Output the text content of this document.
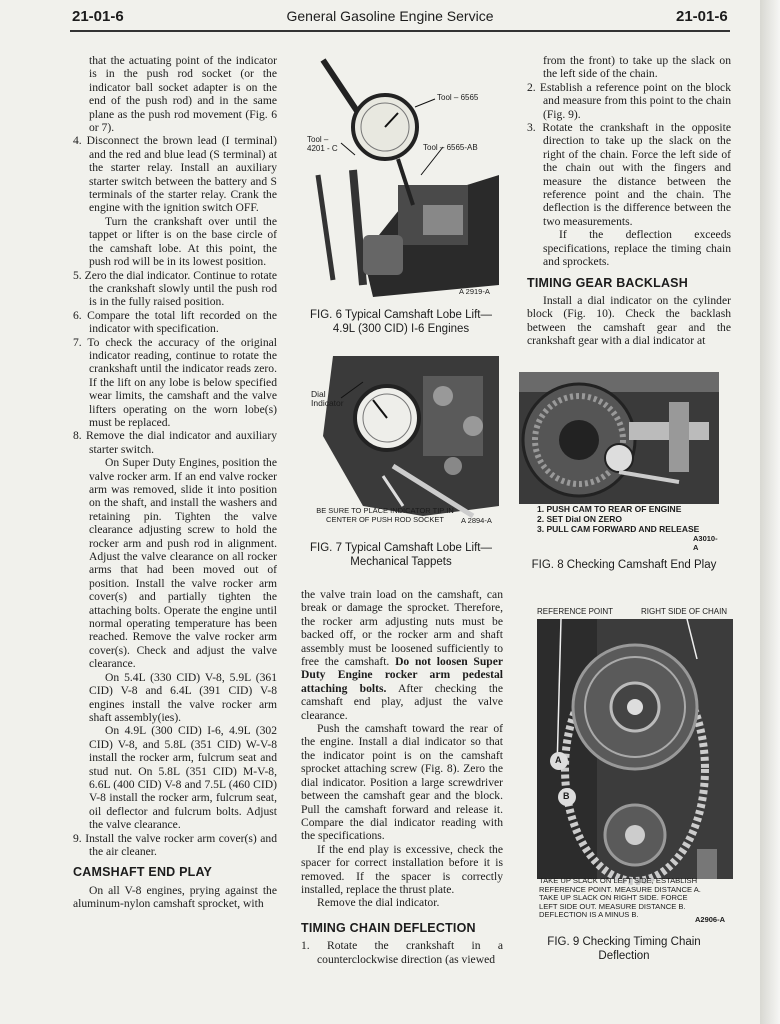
General Gasoline Engine Service
21-01-6	21-01-6

that the actuating point of the indicator is in the push rod socket (or the indicator ball socket adapter is on the end of the push rod) and in the same plane as the push rod movement (Fig. 6 or 7).

4. Disconnect the brown lead (I terminal) and the red and blue lead (S terminal) at the starter relay. Install an auxiliary starter switch between the battery and S terminals of the starter relay. Crank the engine with the ignition switch OFF.

Turn the crankshaft over until the tappet or lifter is on the base circle of the camshaft lobe. At this point, the push rod will be in its lowest position.

5. Zero the dial indicator. Continue to rotate the crankshaft slowly until the push rod is in the fully raised position.

6. Compare the total lift recorded on the indicator with specification.

7. To check the accuracy of the original indicator reading, continue to rotate the crankshaft until the indicator reads zero. If the lift on any lobe is below specified wear limits, the camshaft and the valve lifters operating on the worn lobe(s) must be replaced.

8. Remove the dial indicator and auxiliary starter switch.

On Super Duty Engines, position the valve rocker arm. If an end valve rocker arm was removed, slide it into position on the shaft, and install the washers and retaining pin. Tighten the valve clearance adjusting screw to hold the rocker arm and push rod in alignment. Adjust the valve clearance on all rocker arms that had been moved out of position. Install the valve rocker arm cover(s) and partially tighten the attaching bolts. Operate the engine until normal operating temperature has been reached. Remove the valve rocker arm cover(s). Check and adjust the valve clearance.

On 5.4L (330 CID) V-8, 5.9L (361 CID) V-8 and 6.4L (391 CID) V-8 engines install the valve rocker arm shaft assembly(ies).

On 4.9L (300 CID) I-6, 4.9L (302 CID) V-8, and 5.8L (351 CID) W-V-8 install the rocker arm, fulcrum seat and stud nut. On 5.8L (351 CID) M-V-8, 6.6L (400 CID) V-8 and 7.5L (460 CID) V-8 install the rocker arm, fulcrum seat, oil deflector and fulcrum bolts. Adjust the valve clearance.

9. Install the valve rocker arm cover(s) and the air cleaner.

CAMSHAFT END PLAY

On all V-8 engines, prying against the aluminum-nylon camshaft sprocket, with

Tool – 6565
Tool –
4201 - C	Tool – 6565-AB
A 2919-A
FIG. 6 Typical Camshaft Lobe Lift—
4.9L (300 CID) I-6 Engines
Dial
Indicator
BE SURE TO PLACE INDICATOR TIP IN
CENTER OF PUSH ROD SOCKET	A 2894-A
FIG. 7 Typical Camshaft Lobe Lift—
Mechanical Tappets

the valve train load on the camshaft, can break or damage the sprocket. Therefore, the rocker arm adjusting nuts must be backed off, or the rocker arm and shaft assembly must be loosened sufficiently to free the camshaft. Do not loosen Super Duty Engine rocker arm pedestal attaching bolts. After checking the camshaft end play, adjust the valve clearance.

Push the camshaft toward the rear of the engine. Install a dial indicator so that the indicator point is on the camshaft sprocket attaching screw (Fig. 8). Zero the dial indicator. Position a large screwdriver between the camshaft gear and the block. Pull the camshaft forward and release it. Compare the dial indicator reading with the specifications.

If the end play is excessive, check the spacer for correct installation before it is removed. If the spacer is correctly installed, replace the thrust plate.

Remove the dial indicator.

TIMING CHAIN DEFLECTION

1. Rotate the crankshaft in a counterclockwise direction (as viewed

from the front) to take up the slack on the left side of the chain.

2. Establish a reference point on the block and measure from this point to the chain (Fig. 9).

3. Rotate the crankshaft in the opposite direction to take up the slack on the right of the chain. Force the left side of the chain out with the fingers and measure the distance between the reference point and the chain. The deflection is the difference between the two measurements.

If the deflection exceeds specifications, replace the timing chain and sprockets.

TIMING GEAR BACKLASH

Install a dial indicator on the cylinder block (Fig. 10). Check the backlash between the camshaft gear and the crankshaft gear with a dial indicator at

1. PUSH CAM TO REAR OF ENGINE
2. SET Dial ON ZERO
3. PULL CAM FORWARD AND RELEASE
A3010-A
FIG. 8 Checking Camshaft End Play
REFERENCE POINT	RIGHT SIDE OF CHAIN
A
B
TAKE UP SLACK ON LEFT SIDE, ESTABLISH
REFERENCE POINT. MEASURE DISTANCE A.
TAKE UP SLACK ON RIGHT SIDE. FORCE
LEFT SIDE OUT. MEASURE DISTANCE B.
DEFLECTION IS A MINUS B.
A2906-A
FIG. 9 Checking Timing Chain
Deflection
